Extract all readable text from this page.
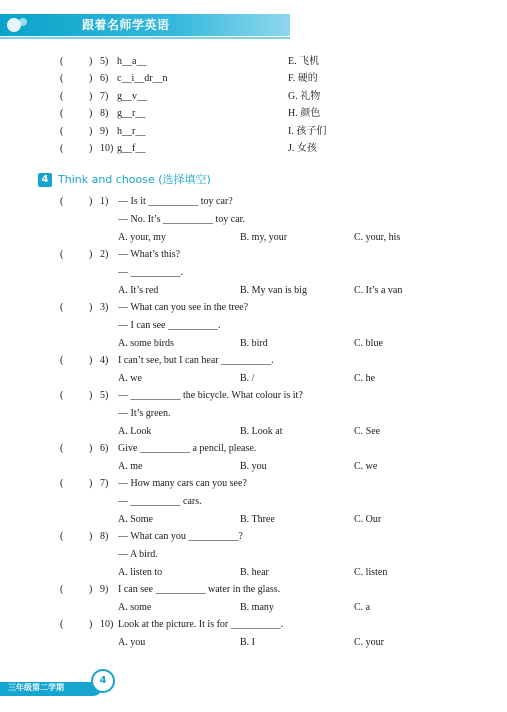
跟着名师学英语
(	) 5) h__a__	E. 飞机
(	) 6) c__i__dr__n	F. 硬的
(	) 7) g__v__	G. 礼物
(	) 8) g__r__	H. 颜色
(	) 9) h__r__	I. 孩子们
(	) 10) g__f__	J. 女孩
4 Think and choose (选择填空)
(	) 1) — Is it __________ toy car?
— No. It’s __________ toy car.
A. your, my	B. my, your	C. your, his
(	) 2) — What’s this?
— __________.
A. It’s red	B. My van is big	C. It’s a van
(	) 3) — What can you see in the tree?
— I can see __________.
A. some birds	B. bird	C. blue
(	) 4) I can’t see, but I can hear __________.
A. we	B. /	C. he
(	) 5) — __________ the bicycle. What colour is it?
— It’s green.
A. Look	B. Look at	C. See
(	) 6) Give __________ a pencil, please.
A. me	B. you	C. we
(	) 7) — How many cars can you see?
— __________ cars.
A. Some	B. Three	C. Our
(	) 8) — What can you __________?
— A bird.
A. listen to	B. hear	C. listen
(	) 9) I can see __________ water in the glass.
A. some	B. many	C. a
(	) 10) Look at the picture. It is for __________.
A. you	B. I	C. your
三年级第二学期
4
